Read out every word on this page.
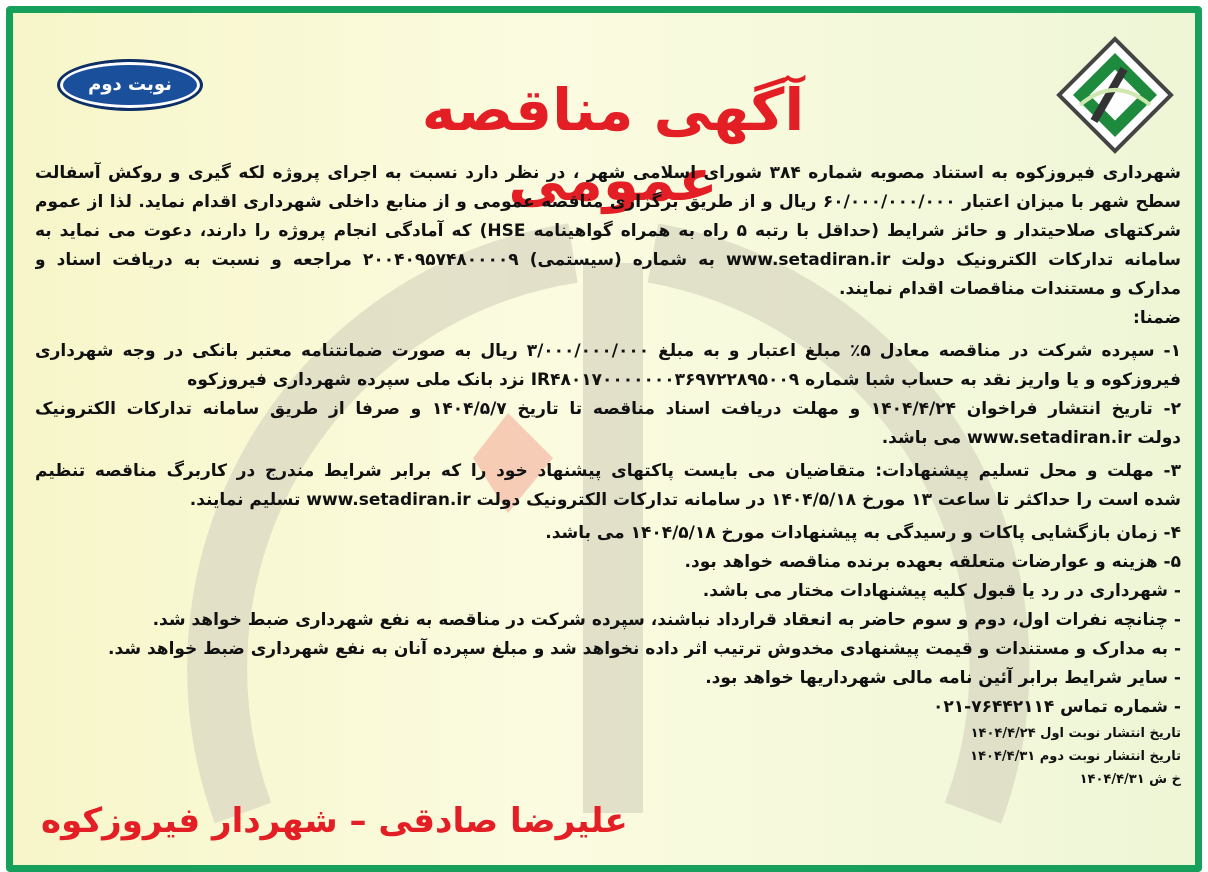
نوبت دوم	آگهی مناقصه عمومی
شهرداری فیروزکوه به استناد مصوبه شماره ۳۸۴ شورای اسلامی شهر ، در نظر دارد نسبت به اجرای پروژه لکه گیری و روکش آسفالت
سطح شهر با میزان اعتبار ۶۰/۰۰۰/۰۰۰/۰۰۰ ریال و از طریق برگزاری مناقصه عمومی و از منابع داخلی شهرداری اقدام نماید. لذا از عموم
شرکتهای صلاحیتدار و حائز شرایط (حداقل با رتبه ۵ راه به همراه گواهینامه HSE) که آمادگی انجام پروژه را دارند، دعوت می نماید به
سامانه تدارکات الکترونیک دولت www.setadiran.ir به شماره (سیستمی) ۲۰۰۴۰۹۵۷۴۸۰۰۰۰۹ مراجعه و نسبت به دریافت اسناد و
مدارک و مستندات مناقصات اقدام نمایند.
ضمنا:
۱- سپرده شرکت در مناقصه معادل ۵٪ مبلغ اعتبار و به مبلغ ۳/۰۰۰/۰۰۰/۰۰۰ ریال به صورت ضمانتنامه معتبر بانکی در وجه شهرداری
فیروزکوه و یا واریز نقد به حساب شبا شماره IR۴۸۰۱۷۰۰۰۰۰۰۰۳۶۹۷۲۲۸۹۵۰۰۹ نزد بانک ملی سپرده شهرداری فیروزکوه
۲- تاریخ انتشار فراخوان ۱۴۰۴/۴/۲۴ و مهلت دریافت اسناد مناقصه تا تاریخ ۱۴۰۴/۵/۷ و صرفا از طریق سامانه تدارکات الکترونیک
دولت www.setadiran.ir می باشد.
۳- مهلت و محل تسلیم پیشنهادات: متقاضیان می بایست پاکتهای پیشنهاد خود را که برابر شرایط مندرج در کاربرگ مناقصه تنظیم
شده است را حداکثر تا ساعت ۱۳ مورخ ۱۴۰۴/۵/۱۸ در سامانه تدارکات الکترونیک دولت www.setadiran.ir تسلیم نمایند.
۴- زمان بازگشایی پاکات و رسیدگی به پیشنهادات مورخ ۱۴۰۴/۵/۱۸ می باشد.
۵- هزینه و عوارضات متعلقه بعهده برنده مناقصه خواهد بود.
- شهرداری در رد یا قبول کلیه پیشنهادات مختار می باشد.
- چنانچه نفرات اول، دوم و سوم حاضر به انعقاد قرارداد نباشند، سپرده شرکت در مناقصه به نفع شهرداری ضبط خواهد شد.
- به مدارک و مستندات و قیمت پیشنهادی مخدوش ترتیب اثر داده نخواهد شد و مبلغ سپرده آنان به نفع شهرداری ضبط خواهد شد.
- سایر شرایط برابر آئین نامه مالی شهرداریها خواهد بود.
- شماره تماس ۷۶۴۴۲۱۱۴-۰۲۱
تاریخ انتشار نوبت اول ۱۴۰۴/۴/۲۴
تاریخ انتشار نوبت دوم ۱۴۰۴/۴/۳۱
خ ش ۱۴۰۴/۴/۳۱
علیرضا صادقی – شهردار فیروزکوه
